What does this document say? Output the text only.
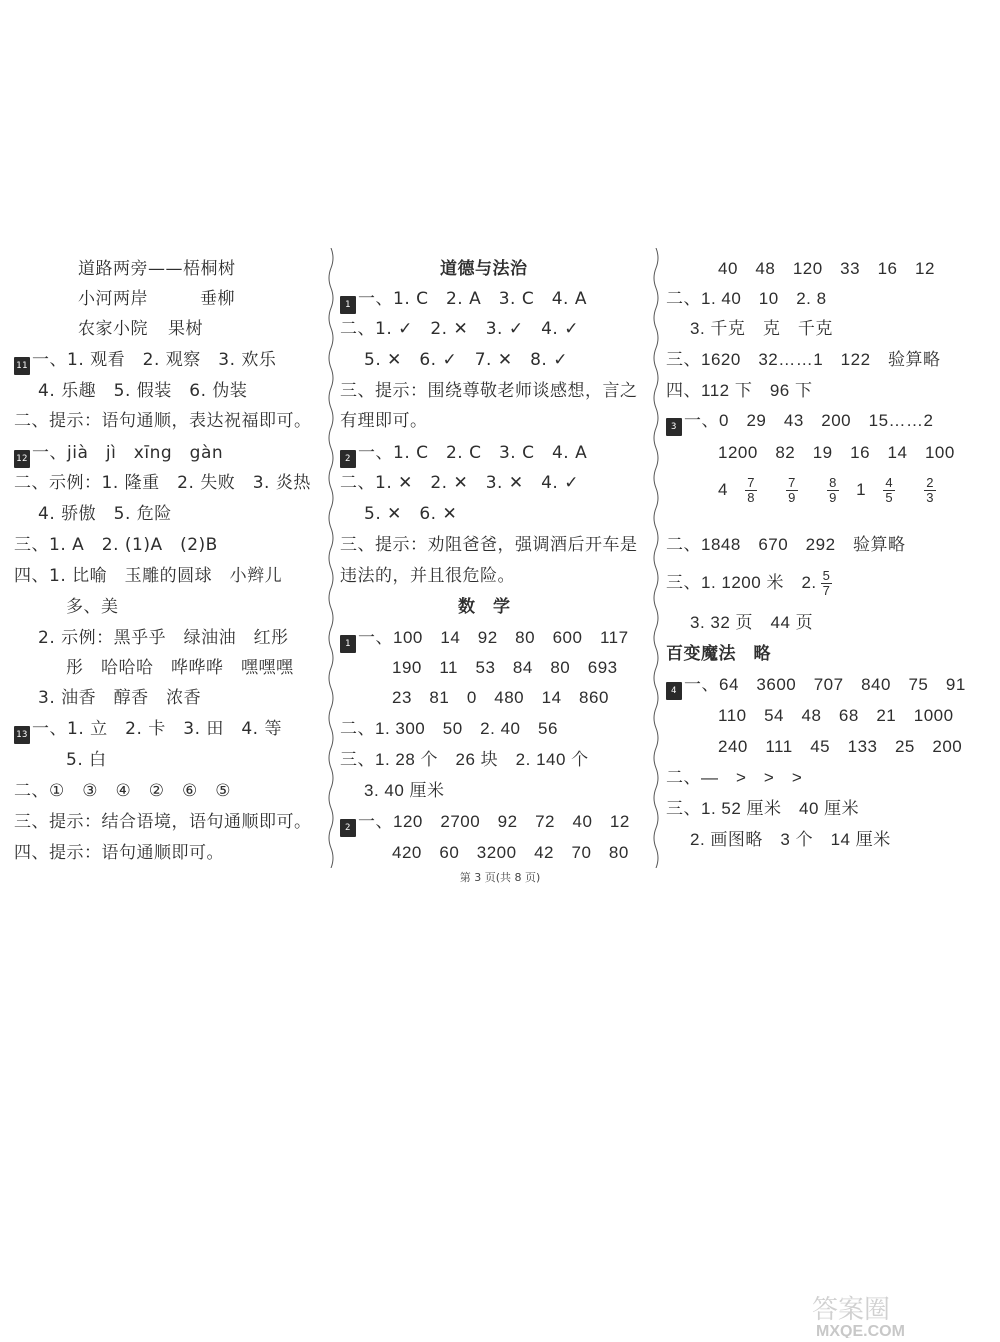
道路两旁——梧桐树
小河两岸	垂柳
农家小院 果树
11 一、1. 观看　2. 观察　3. 欢乐
4. 乐趣　5. 假装　6. 伪装
二、提示：语句通顺，表达祝福即可。
12 一、jià　jì　xīng　gàn
二、示例：1. 隆重　2. 失败　3. 炎热
4. 骄傲　5. 危险
三、1. A　2. (1)A　(2)B
四、1. 比喻　玉雕的圆球　小辫儿
多、美
2. 示例：黑乎乎　绿油油　红彤
彤　哈哈哈　哗哗哗　嘿嘿嘿
3. 油香　醇香　浓香
13 一、1. 立　2. 卡　3. 田　4. 等
5. 白
二、①　③　④　②　⑥　⑤
三、提示：结合语境，语句通顺即可。
四、提示：语句通顺即可。
道德与法治
1 一、1. C　2. A　3. C　4. A
二、1. ✓　2. ✕　3. ✓　4. ✓
5. ✕　6. ✓　7. ✕　8. ✓
三、提示：围绕尊敬老师谈感想，言之
有理即可。
2 一、1. C　2. C　3. C　4. A
二、1. ✕　2. ✕　3. ✕　4. ✓
5. ✕　6. ✕
三、提示：劝阻爸爸，强调酒后开车是
违法的，并且很危险。
数　学
1 一、100　14　92　80　600　117
190　11　53　84　80　693
23　81　0　480　14　860
二、1. 300　50　2. 40　56
三、1. 28 个　26 块　2. 140 个
3. 40 厘米
2 一、120　2700　92　72　40　12
420　60　3200　42　70　80
40　48　120　33　16　12
二、1. 40　10　2. 8
3. 千克　克　千克
三、1620　32……1　122　验算略
四、112 下　96 下
3 一、0　29　43　200　15……2
1200　82　19　16　14　100
$4 \frac{7}{8}$
$\frac{7}{9}$
$\frac{8}{9} 1 \frac{4}{5}$
$\frac{2}{3}$
二、1848　670　292　验算略
三、1. 1200 米　2. $\frac{5}{7}$
3. 32 页　44 页
百变魔法　略
4 一、64　3600　707　840　75　91
110　54　48　68　21　1000
240　111　45　133　25　200
二、—　>　>　>
三、1. 52 厘米　40 厘米
2. 画图略　3 个　14 厘米
第 3 页(共 8 页)
答案圈
MXQE.COM
